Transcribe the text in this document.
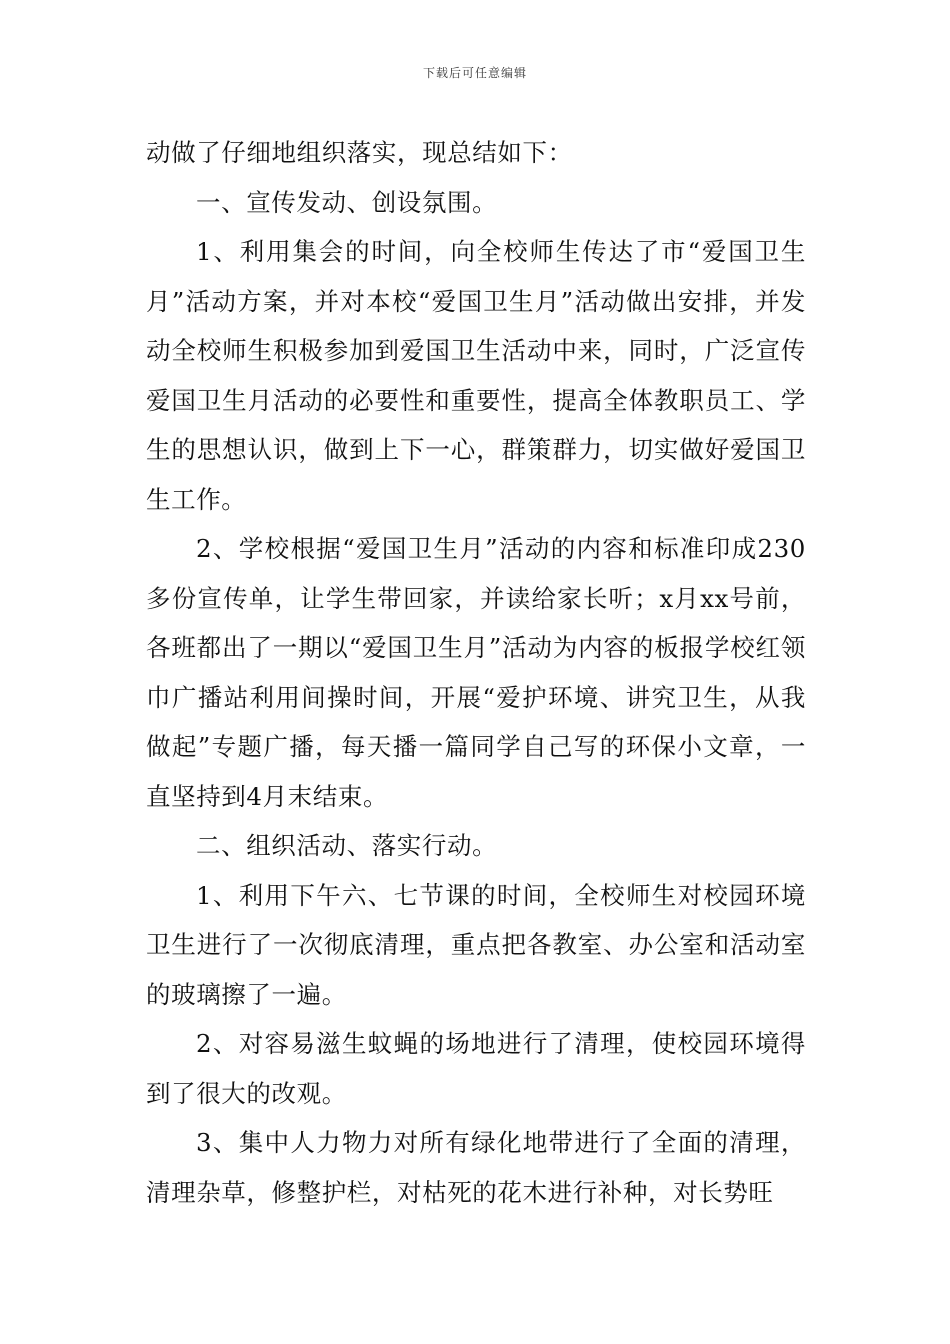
下载后可任意编辑

动做了仔细地组织落实，现总结如下：

一、宣传发动、创设氛围。

1、利用集会的时间，向全校师生传达了市“爱国卫生月”活动方案，并对本校“爱国卫生月”活动做出安排，并发动全校师生积极参加到爱国卫生活动中来，同时，广泛宣传爱国卫生月活动的必要性和重要性，提高全体教职员工、学生的思想认识，做到上下一心，群策群力，切实做好爱国卫生工作。

2、学校根据“爱国卫生月”活动的内容和标准印成230多份宣传单，让学生带回家，并读给家长听；x月xx号前，各班都出了一期以“爱国卫生月”活动为内容的板报学校红领巾广播站利用间操时间，开展“爱护环境、讲究卫生，从我做起”专题广播，每天播一篇同学自己写的环保小文章，一直坚持到4月末结束。

二、组织活动、落实行动。

1、利用下午六、七节课的时间，全校师生对校园环境卫生进行了一次彻底清理，重点把各教室、办公室和活动室的玻璃擦了一遍。

2、对容易滋生蚊蝇的场地进行了清理，使校园环境得到了很大的改观。

3、集中人力物力对所有绿化地带进行了全面的清理，清理杂草，修整护栏，对枯死的花木进行补种，对长势旺
